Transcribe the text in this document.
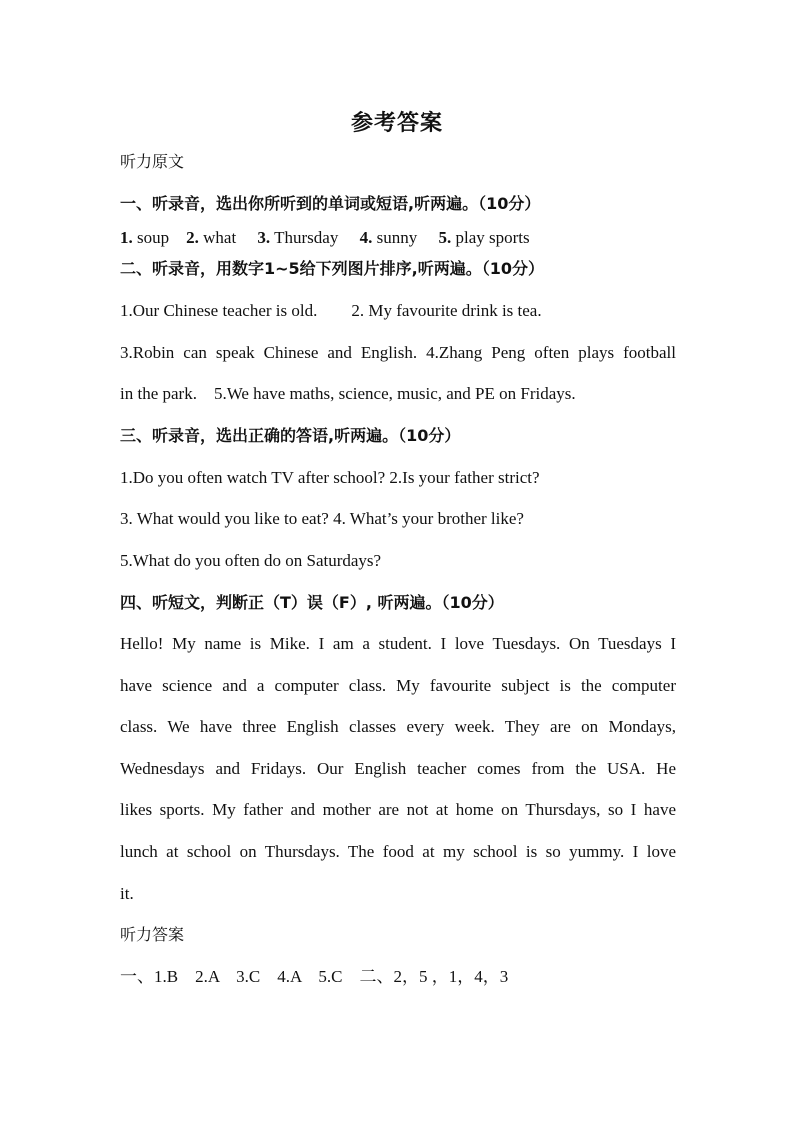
参考答案
听力原文
一、听录音，选出你所听到的单词或短语,听两遍。（10分）
1. soup 2. what 3. Thursday 4. sunny 5. play sports
二、听录音，用数字1~5给下列图片排序,听两遍。（10分）
1.Our Chinese teacher is old.        2. My favourite drink is tea.
3.Robin can speak Chinese and English. 4.Zhang Peng often plays football
in the park.    5.We have maths, science, music, and PE on Fridays.
三、听录音，选出正确的答语,听两遍。（10分）
1.Do you often watch TV after school? 2.Is your father strict?
3. What would you like to eat? 4. What’s your brother like?
5.What do you often do on Saturdays?
四、听短文，判断正（T）误（F）, 听两遍。（10分）
Hello! My name is Mike. I am a student. I love Tuesdays. On Tuesdays I
have science and a computer class. My favourite subject is the computer
class. We have three English classes every week. They are on Mondays,
Wednesdays and Fridays. Our English teacher comes from the USA. He
likes sports. My father and mother are not at home on Thursdays, so I have
lunch at school on Thursdays. The food at my school is so yummy. I love
it.
听力答案
一、1.B    2.A    3.C    4.A    5.C    二、2，5 ，1，4，3
